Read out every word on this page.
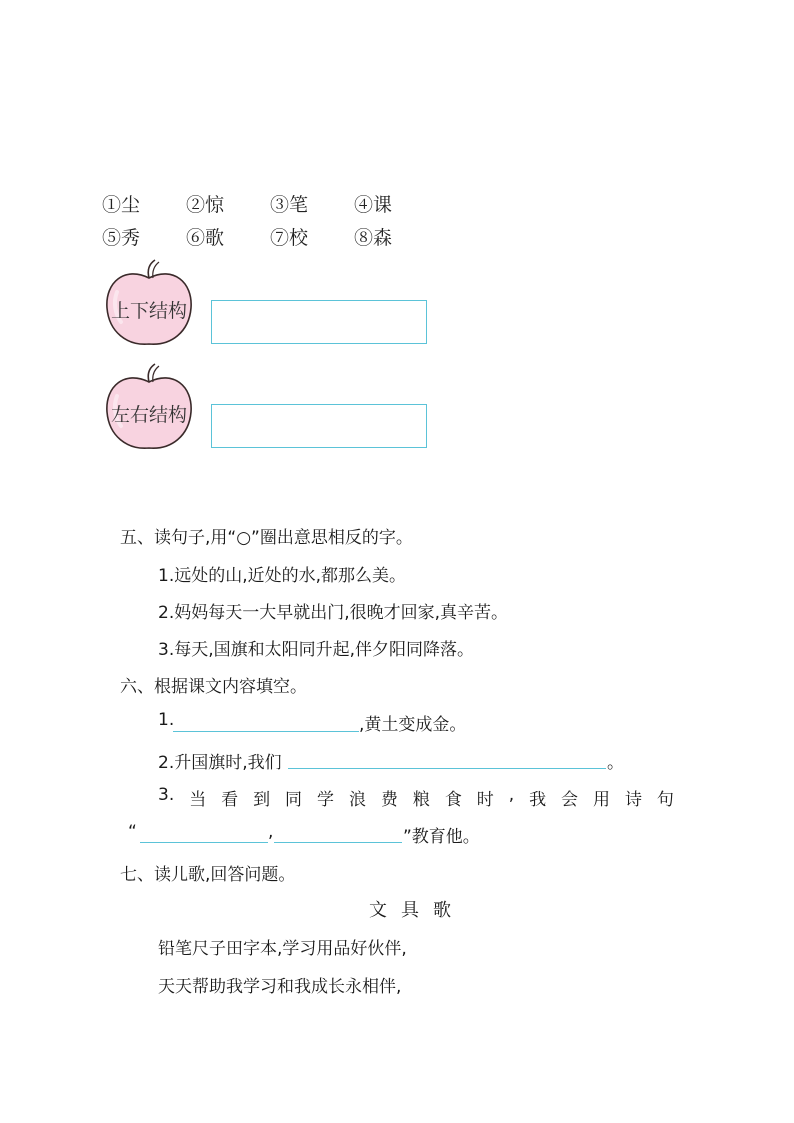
①尘 ②惊 ③笔 ④课
⑤秀 ⑥歌 ⑦校 ⑧森
上下结构
左右结构
五、读句子,用“○”圈出意思相反的字。
1.远处的山,近处的水,都那么美。
2.妈妈每天一大早就出门,很晚才回家,真辛苦。
3.每天,国旗和太阳同升起,伴夕阳同降落。
六、根据课文内容填空。
1.	,黄土变成金。
2.升国旗时,我们	。
3. 当 看 到 同 学 浪 费 粮 食 时 , 我 会 用 诗 句
“	,	”教育他。
七、读儿歌,回答问题。
文具歌
铅笔尺子田字本,学习用品好伙伴,
天天帮助我学习和我成长永相伴,
